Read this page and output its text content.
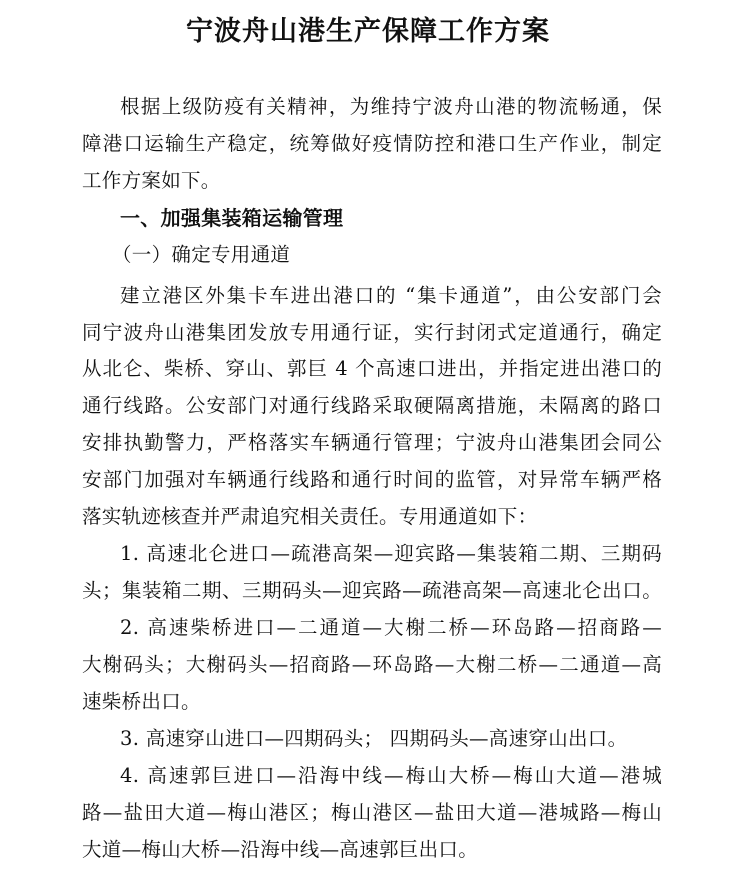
宁波舟山港生产保障工作方案
根据上级防疫有关精神，为维持宁波舟山港的物流畅通，保
障港口运输生产稳定，统筹做好疫情防控和港口生产作业，制定
工作方案如下。
一、加强集装箱运输管理
（一）确定专用通道
建立港区外集卡车进出港口的 “集卡通道”，由公安部门会
同宁波舟山港集团发放专用通行证，实行封闭式定道通行，确定
从北仑、柴桥、穿山、郭巨 4 个高速口进出，并指定进出港口的
通行线路。公安部门对通行线路采取硬隔离措施，未隔离的路口
安排执勤警力，严格落实车辆通行管理；宁波舟山港集团会同公
安部门加强对车辆通行线路和通行时间的监管，对异常车辆严格
落实轨迹核查并严肃追究相关责任。专用通道如下：
1. 高速北仑进口—疏港高架—迎宾路—集装箱二期、三期码
头；集装箱二期、三期码头—迎宾路—疏港高架—高速北仑出口。
2. 高速柴桥进口—二通道—大榭二桥—环岛路—招商路—
大榭码头；大榭码头—招商路—环岛路—大榭二桥—二通道—高
速柴桥出口。
3. 高速穿山进口—四期码头； 四期码头—高速穿山出口。
4. 高速郭巨进口—沿海中线—梅山大桥—梅山大道—港城
路—盐田大道—梅山港区；梅山港区—盐田大道—港城路—梅山
大道—梅山大桥—沿海中线—高速郭巨出口。
